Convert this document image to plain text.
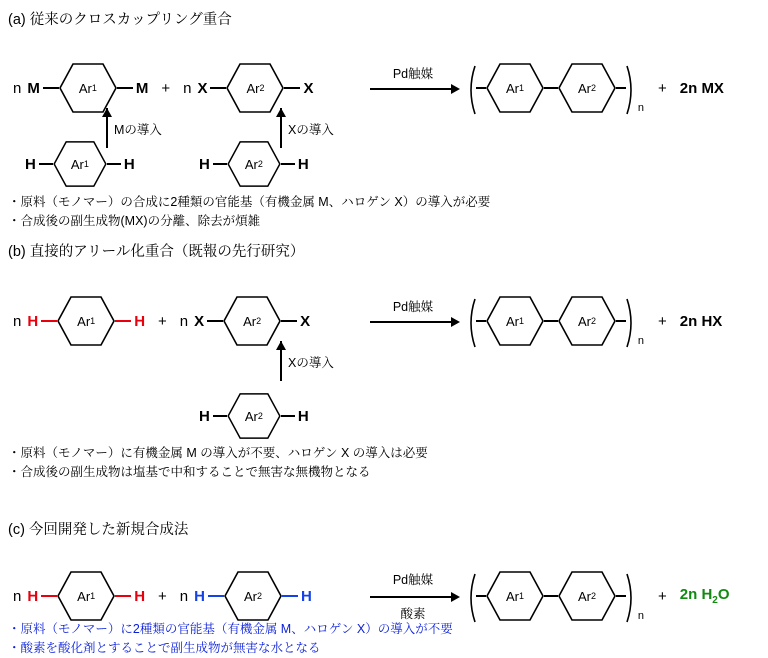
(a) 従来のクロスカップリング重合
n M	Ar 1	M + n X	Ar 2	X
Pd触媒
Ar 1	Ar 2
n
+ 2n MX
Mの導入	Xの導入
H	Ar 1 H	H	Ar 2 H
・原料（モノマー）の合成に2種類の官能基（有機金属 M、ハロゲン X）の導入が必要
・合成後の副生成物(MX)の分離、除去が煩雑
(b) 直接的アリール化重合（既報の先行研究）
n H	Ar 1	H + n X	Ar 2	X
Pd触媒
Ar 1	Ar 2
n
+ 2n HX
Xの導入
H	Ar 2 H
・原料（モノマー）に有機金属 M の導入が不要、ハロゲン X の導入は必要
・合成後の副生成物は塩基で中和することで無害な無機物となる
(c) 今回開発した新規合成法
n H	Ar 1	H + n H	Ar 2	H
Pd触媒
酸素
Ar 1	Ar 2
n
+ 2n $H_2O$
・原料（モノマー）に2種類の官能基（有機金属 M、ハロゲン X）の導入が不要
・酸素を酸化剤とすることで副生成物が無害な水となる
